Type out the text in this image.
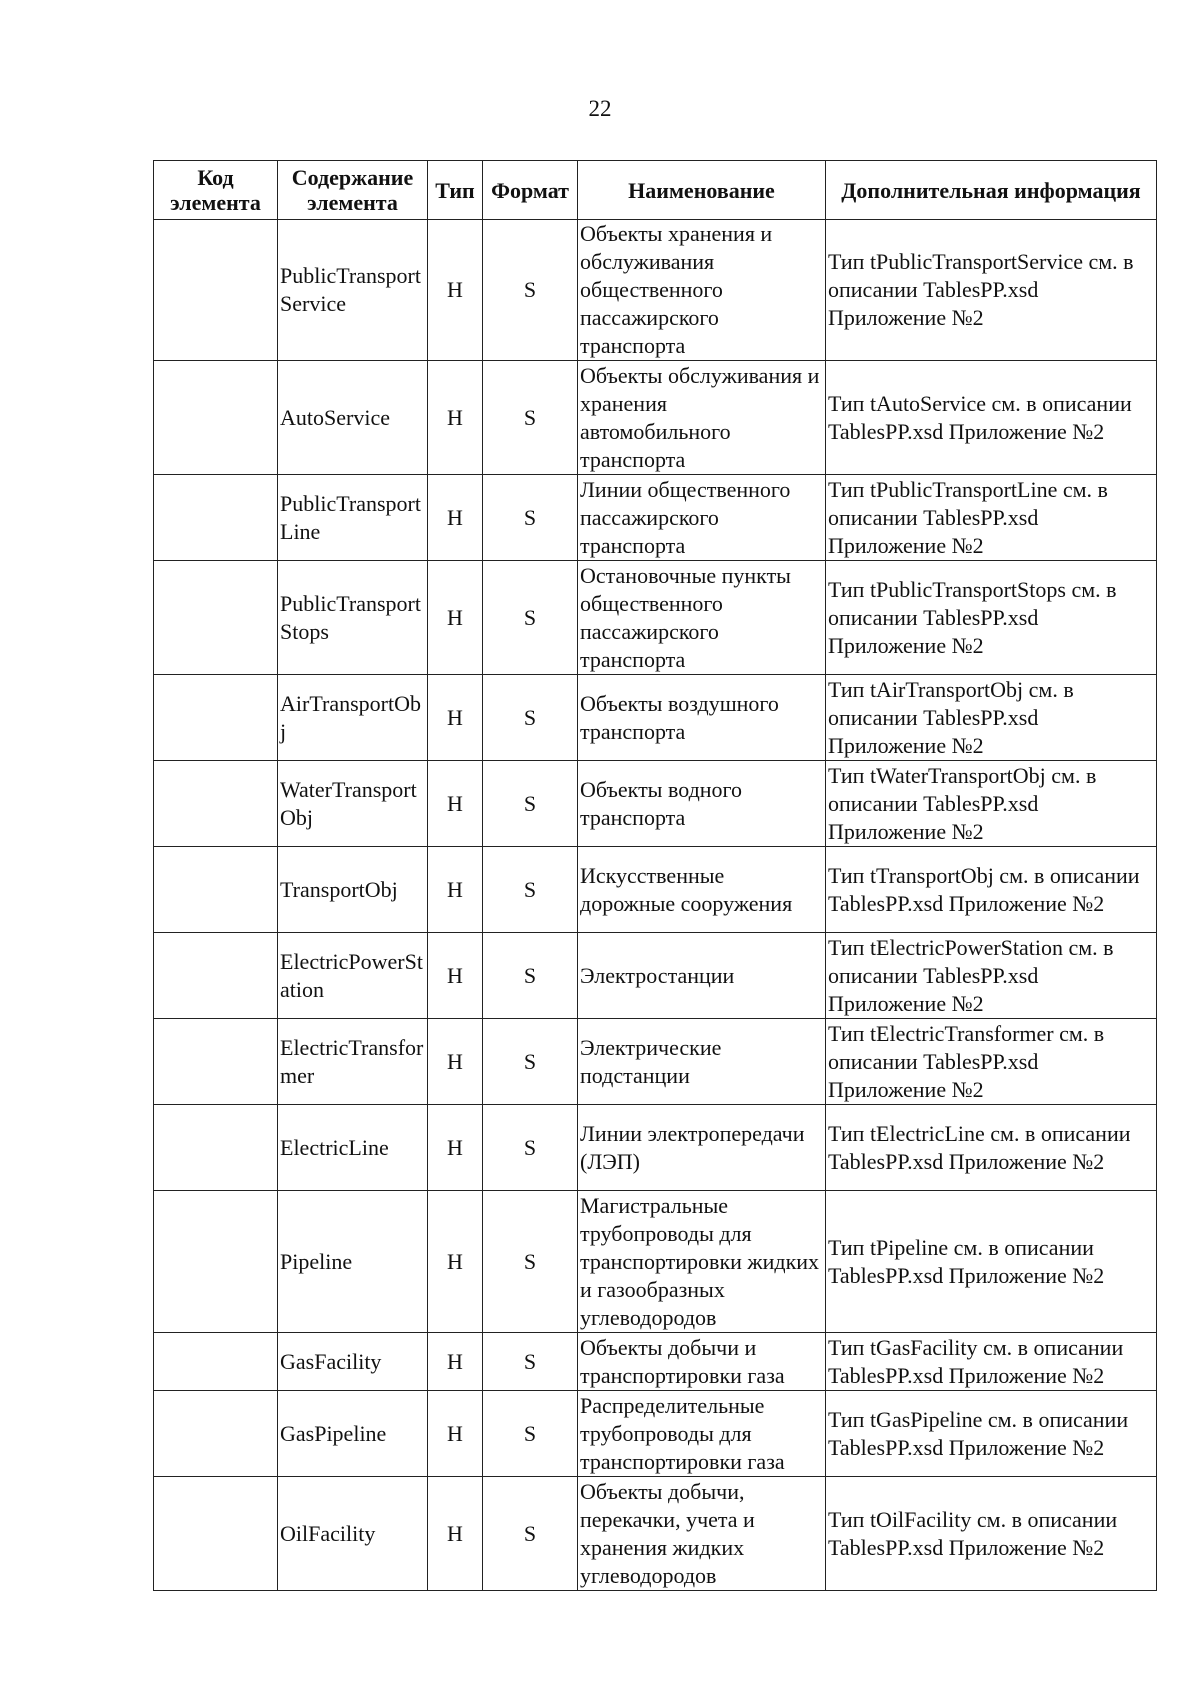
22
Код элемента	Содержание элемента	Тип	Формат	Наименование	Дополнительная информация
	PublicTransportService	Н	S	Объекты хранения и обслуживания общественного пассажирского транспорта	Тип tPublicTransportService см. в описании TablesPP.xsd Приложение №2
	AutoService	Н	S	Объекты обслуживания и хранения автомобильного транспорта	Тип tAutoService см. в описании TablesPP.xsd Приложение №2
	PublicTransportLine	Н	S	Линии общественного пассажирского транспорта	Тип tPublicTransportLine см. в описании TablesPP.xsd Приложение №2
	PublicTransportStops	Н	S	Остановочные пункты общественного пассажирского транспорта	Тип tPublicTransportStops см. в описании TablesPP.xsd Приложение №2
	AirTransportObj	Н	S	Объекты воздушного транспорта	Тип tAirTransportObj см. в описании TablesPP.xsd Приложение №2
	WaterTransportObj	Н	S	Объекты водного транспорта	Тип tWaterTransportObj см. в описании TablesPP.xsd Приложение №2
	TransportObj	Н	S	Искусственные дорожные сооружения	Тип tTransportObj см. в описании TablesPP.xsd Приложение №2
	ElectricPowerStation	Н	S	Электростанции	Тип tElectricPowerStation см. в описании TablesPP.xsd Приложение №2
	ElectricTransformer	Н	S	Электрические подстанции	Тип tElectricTransformer см. в описании TablesPP.xsd Приложение №2
	ElectricLine	Н	S	Линии электропередачи (ЛЭП)	Тип tElectricLine см. в описании TablesPP.xsd Приложение №2
	Pipeline	Н	S	Магистральные трубопроводы для транспортировки жидких и газообразных углеводородов	Тип tPipeline см. в описании TablesPP.xsd Приложение №2
	GasFacility	Н	S	Объекты добычи и транспортировки газа	Тип tGasFacility см. в описании TablesPP.xsd Приложение №2
	GasPipeline	Н	S	Распределительные трубопроводы для транспортировки газа	Тип tGasPipeline см. в описании TablesPP.xsd Приложение №2
	OilFacility	Н	S	Объекты добычи, перекачки, учета и хранения жидких углеводородов	Тип tOilFacility см. в описании TablesPP.xsd Приложение №2
